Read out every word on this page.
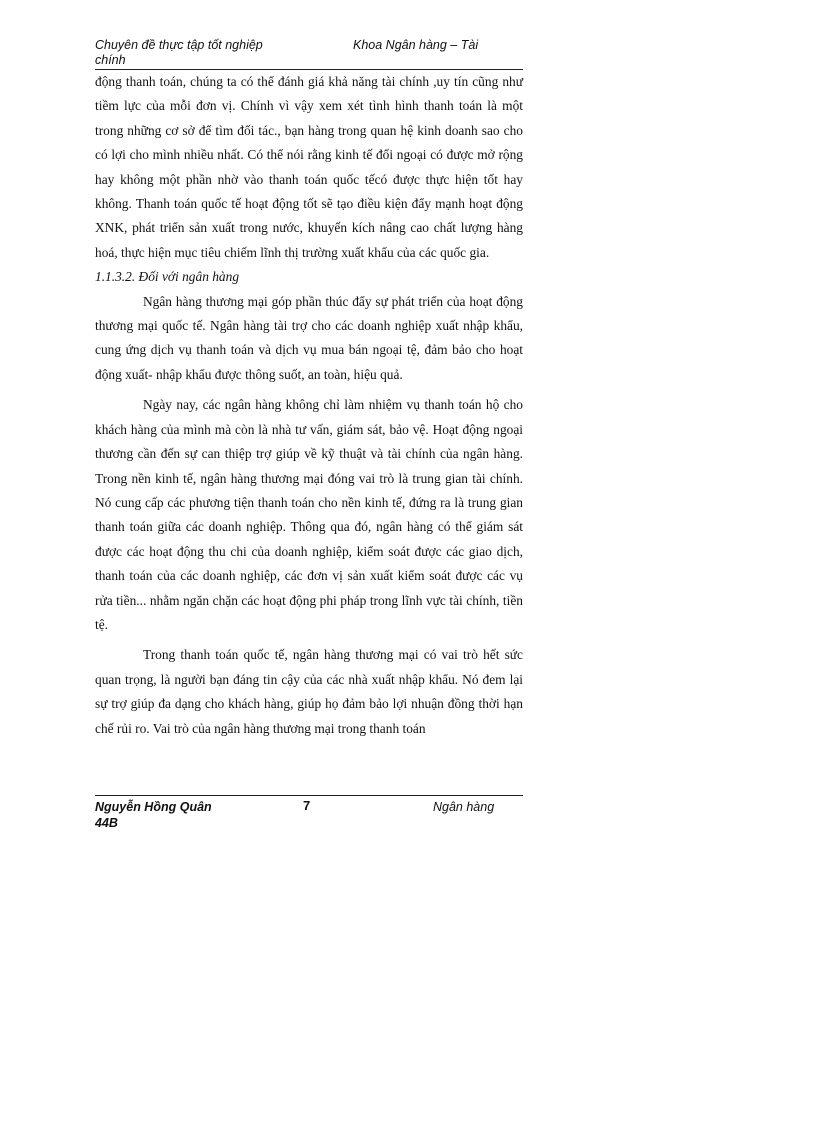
Chuyên đề thực tập tốt nghiệp
chính
Khoa Ngân hàng – Tài

động thanh toán, chúng ta có thể đánh giá khả năng tài chính ,uy tín cũng như tiềm lực của mỗi đơn vị. Chính vì vậy xem xét tình hình thanh toán là một trong những cơ sở để tìm đối tác., bạn hàng trong quan hệ kinh doanh sao cho có lợi cho mình nhiều nhất. Có thể nói rằng kinh tế đối ngoại có được mở rộng hay không một phần nhờ vào thanh toán quốc tếcó được thực hiện tốt hay không. Thanh toán quốc tế hoạt động tốt sẽ tạo điều kiện đẩy mạnh hoạt động XNK, phát triển sản xuất trong nước, khuyến kích nâng cao chất lượng hàng hoá, thực hiện mục tiêu chiếm lĩnh thị trường xuất khẩu của các quốc gia.

1.1.3.2. Đối với ngân hàng

Ngân hàng thương mại góp phần thúc đẩy sự phát triển của hoạt động thương mại quốc tế. Ngân hàng tài trợ cho các doanh nghiệp xuất nhập khẩu, cung ứng dịch vụ thanh toán và dịch vụ mua bán ngoại tệ, đảm bảo cho hoạt động xuất- nhập khẩu được thông suốt, an toàn, hiệu quả.

Ngày nay, các ngân hàng không chỉ làm nhiệm vụ thanh toán hộ cho khách hàng của mình mà còn là nhà tư vấn, giám sát, bảo vệ. Hoạt động ngoại thương cần đến sự can thiệp trợ giúp về kỹ thuật và tài chính của ngân hàng. Trong nền kinh tế, ngân hàng thương mại đóng vai trò là trung gian tài chính. Nó cung cấp các phương tiện thanh toán cho nền kinh tế, đứng ra là trung gian thanh toán giữa các doanh nghiệp. Thông qua đó, ngân hàng có thể giám sát được các hoạt động thu chi của doanh nghiệp, kiểm soát được các giao dịch, thanh toán của các doanh nghiệp, các đơn vị sản xuất kiểm soát được các vụ rửa tiền... nhằm ngăn chặn các hoạt động phi pháp trong lĩnh vực tài chính, tiền tệ.

Trong thanh toán quốc tế, ngân hàng thương mại có vai trò hết sức quan trọng, là người bạn đáng tin cậy của các nhà xuất nhập khẩu. Nó đem lại sự trợ giúp đa dạng cho khách hàng, giúp họ đảm bảo lợi nhuận đồng thời hạn chế rủi ro. Vai trò của ngân hàng thương mại trong thanh toán

Nguyễn Hồng Quân
44B
7	Ngân hàng
